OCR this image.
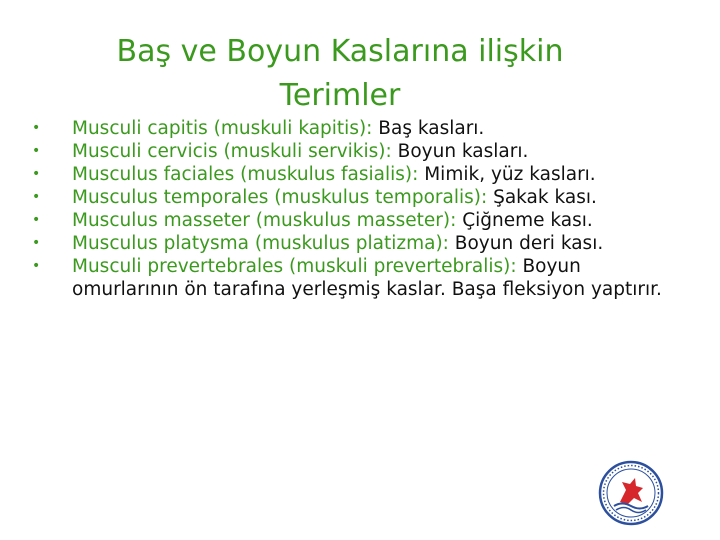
Baş ve Boyun Kaslarına ilişkin
Terimler
• Musculi capitis (muskuli kapitis): Baş kasları.
• Musculi cervicis (muskuli servikis): Boyun kasları.
• Musculus faciales (muskulus fasialis): Mimik, yüz kasları.
• Musculus temporales (muskulus temporalis): Şakak kası.
• Musculus masseter (muskulus masseter): Çiğneme kası.
• Musculus platysma (muskulus platizma): Boyun deri kası.
• Musculi prevertebrales (muskuli prevertebralis): Boyun omurlarının ön tarafına yerleşmiş kaslar. Başa fleksiyon yaptırır.
